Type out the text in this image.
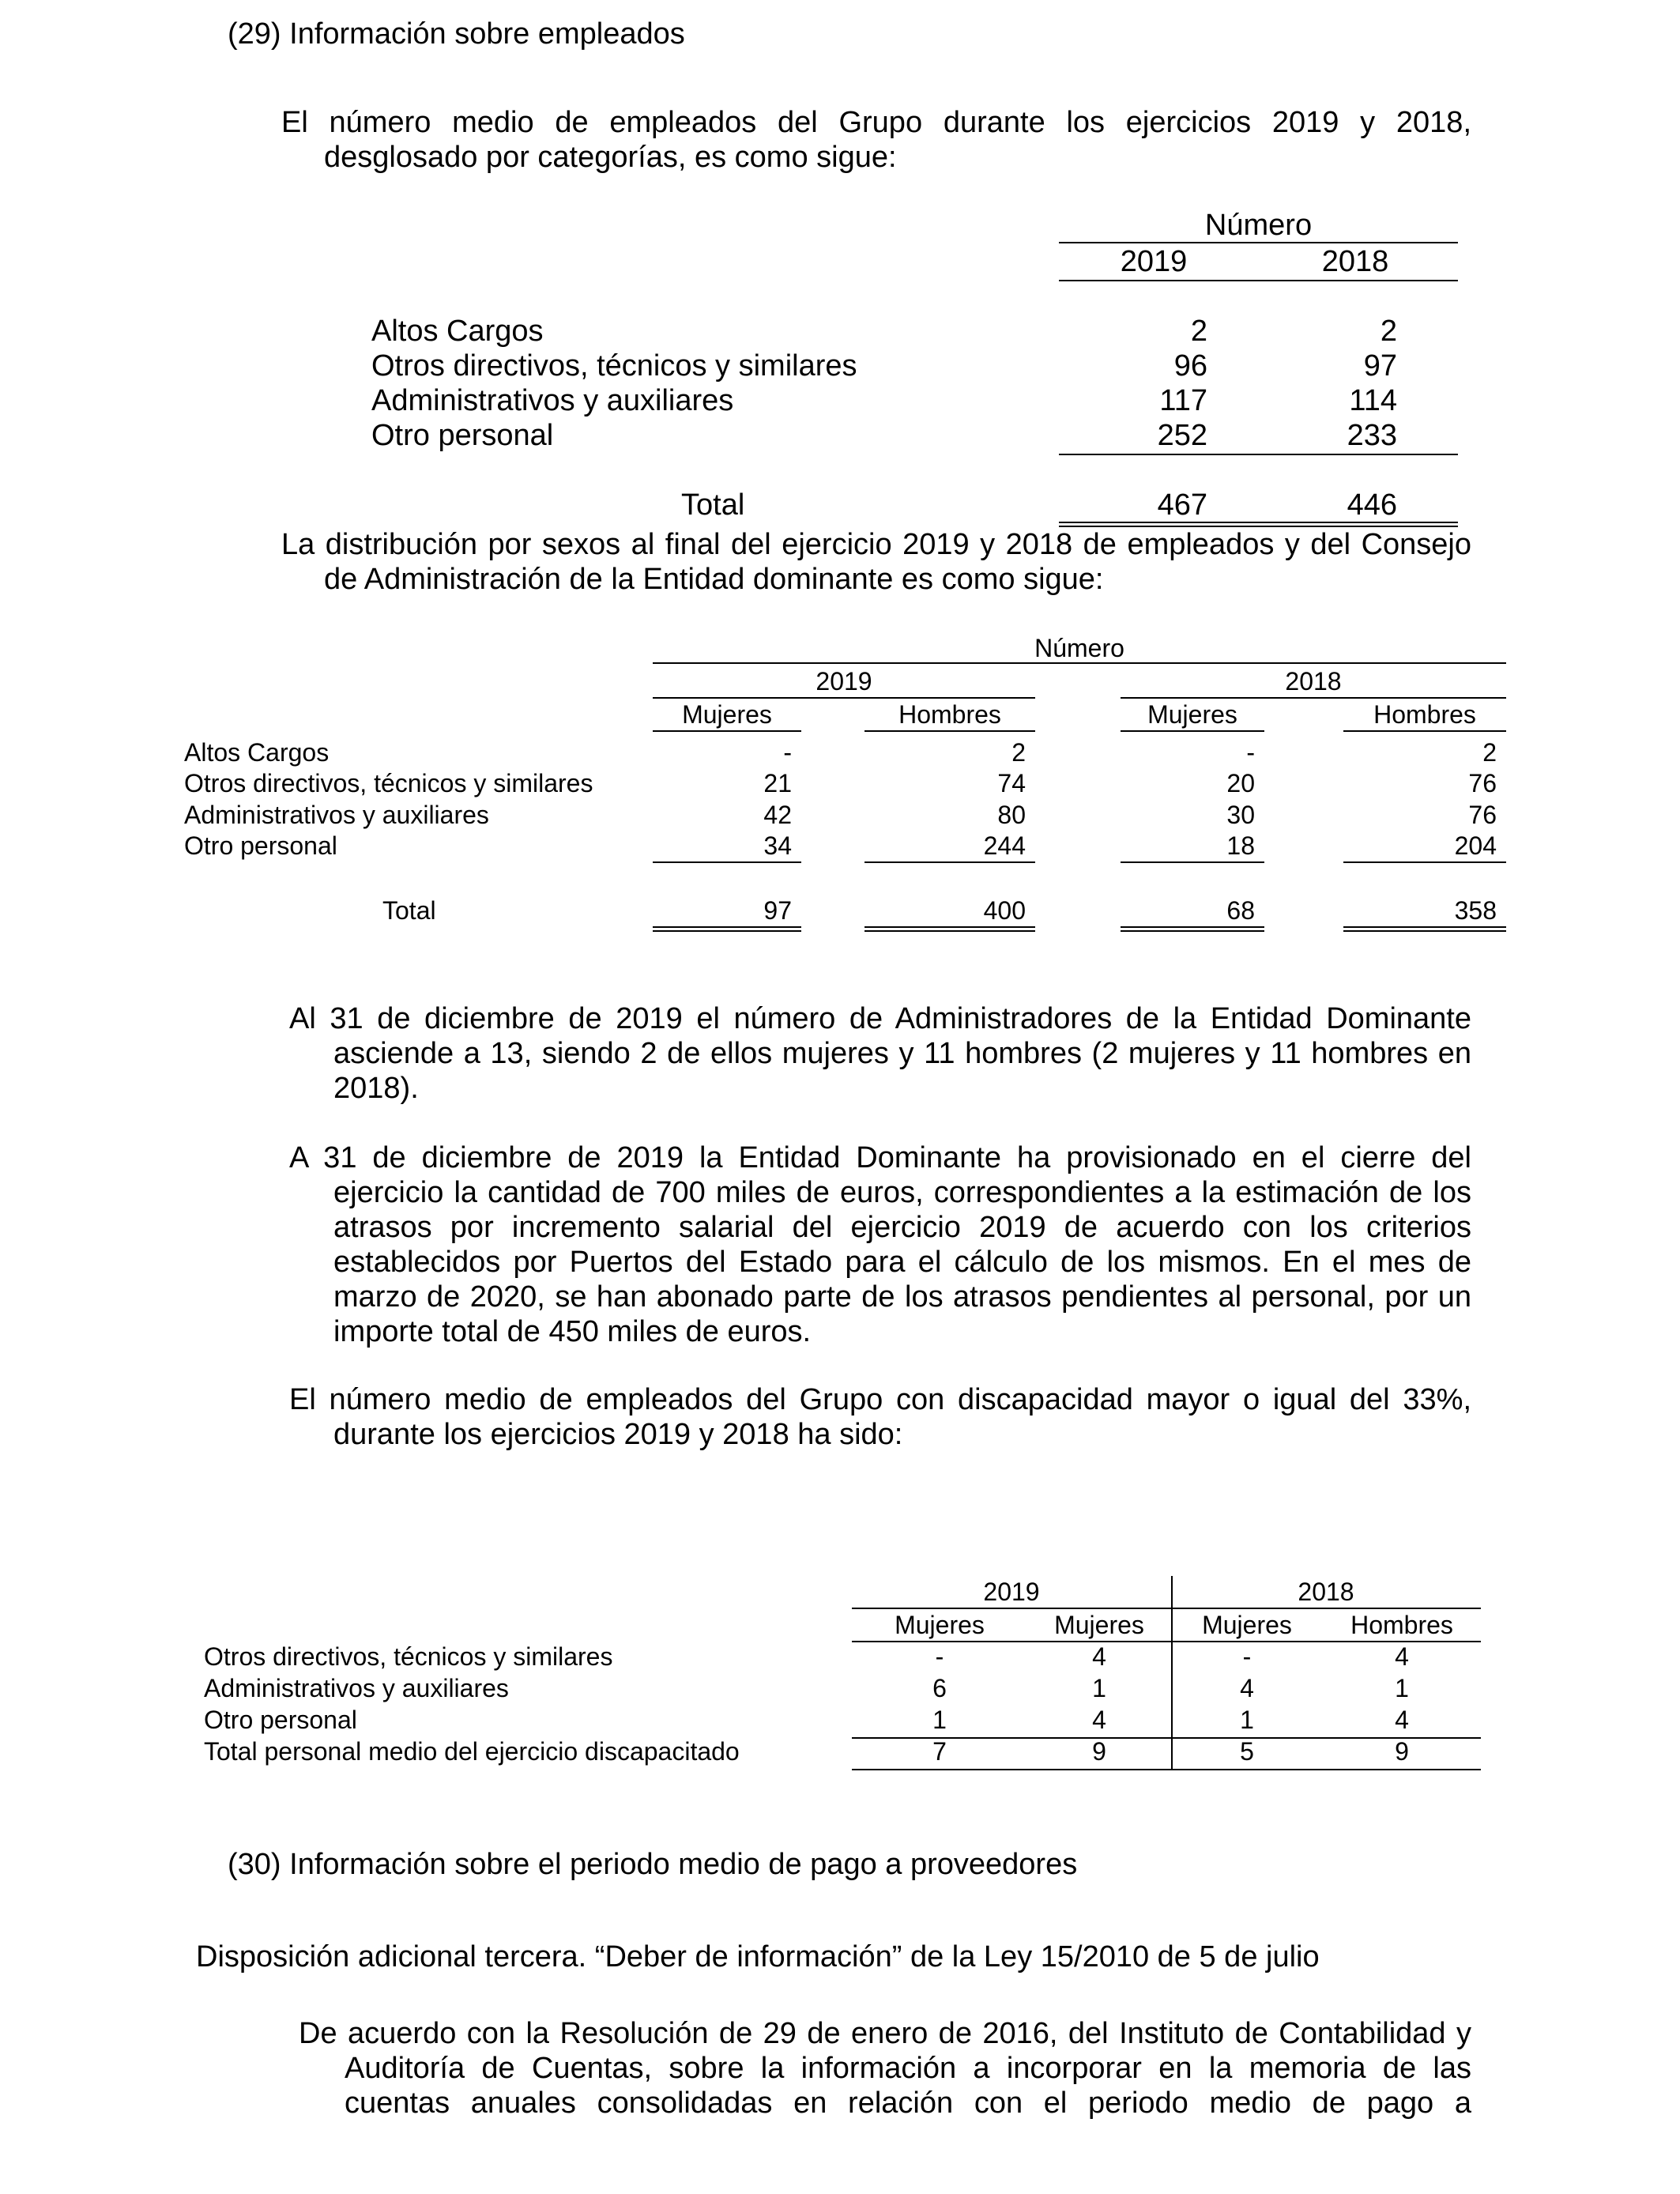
(29) Información sobre empleados
El número medio de empleados del Grupo durante los ejercicios 2019 y 2018,
desglosado por categorías, es como sigue:
Número
2019	2018
Altos Cargos	2	2
Otros directivos, técnicos y similares	96	97
Administrativos y auxiliares	117	114
Otro personal	252	233
Total	467	446
La distribución por sexos al final del ejercicio 2019 y 2018 de empleados y del Consejo
de Administración de la Entidad dominante es como sigue:
Número
2019	2018
Mujeres	Hombres	Mujeres	Hombres
Altos Cargos	-	2	-	2
Otros directivos, técnicos y similares	21	74	20	76
Administrativos y auxiliares	42	80	30	76
Otro personal	34	244	18	204
Total	97	400	68	358
Al 31 de diciembre de 2019 el número de Administradores de la Entidad Dominante
asciende a 13, siendo 2 de ellos mujeres y 11 hombres (2 mujeres y 11 hombres en
2018).
A 31 de diciembre de 2019 la Entidad Dominante ha provisionado en el cierre del
ejercicio la cantidad de 700 miles de euros, correspondientes a la estimación de los
atrasos por incremento salarial del ejercicio 2019 de acuerdo con los criterios
establecidos por Puertos del Estado para el cálculo de los mismos. En el mes de
marzo de 2020, se han abonado parte de los atrasos pendientes al personal, por un
importe total de 450 miles de euros.
El número medio de empleados del Grupo con discapacidad mayor o igual del 33%,
durante los ejercicios 2019 y 2018 ha sido:
2019	2018
Mujeres	Mujeres	Mujeres	Hombres
Otros directivos, técnicos y similares	-	4	-	4
Administrativos y auxiliares	6	1	4	1
Otro personal	1	4	1	4
Total personal medio del ejercicio discapacitado	7	9	5	9
(30) Información sobre el periodo medio de pago a proveedores
Disposición adicional tercera. “Deber de información” de la Ley 15/2010 de 5 de julio
De acuerdo con la Resolución de 29 de enero de 2016, del Instituto de Contabilidad y
Auditoría de Cuentas, sobre la información a incorporar en la memoria de las
cuentas anuales consolidadas en relación con el periodo medio de pago a
